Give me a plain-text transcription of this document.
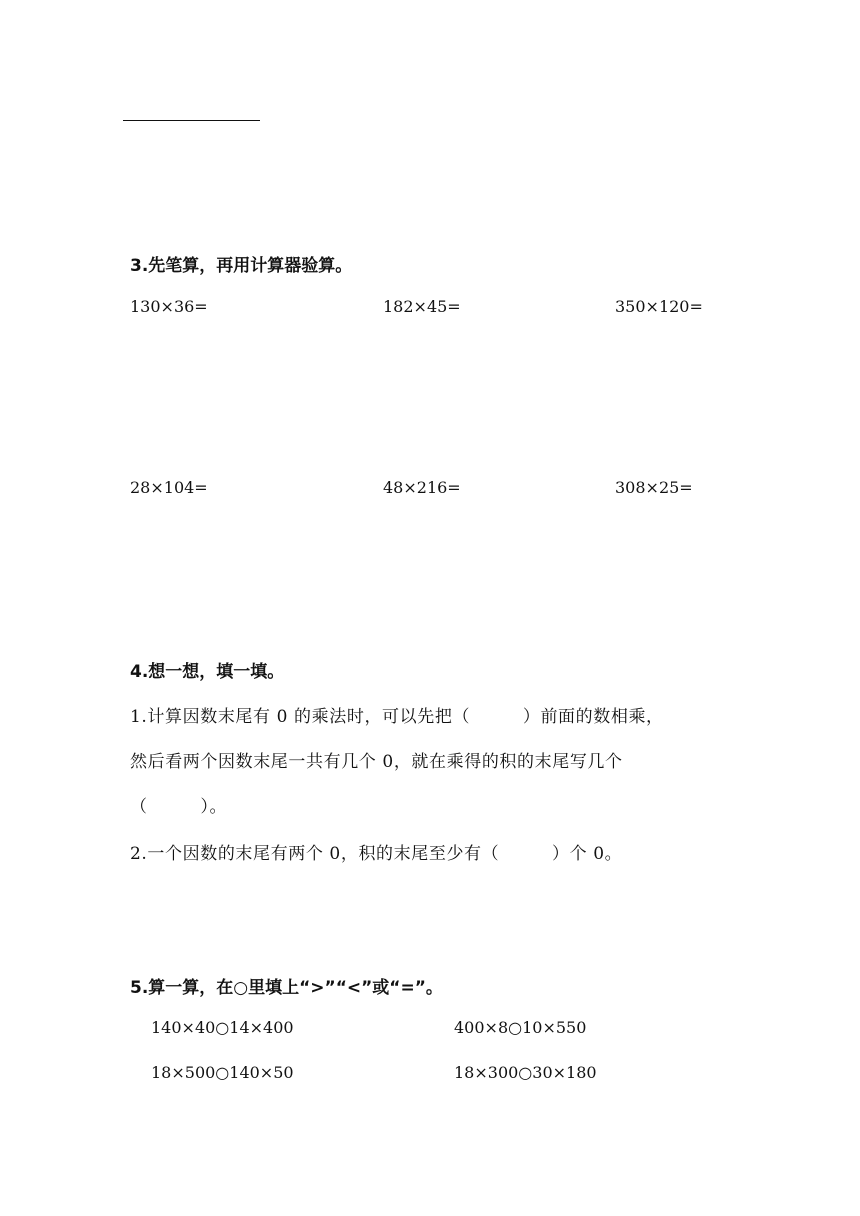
3.先笔算，再用计算器验算。
130×36=	182×45=	350×120=
28×104=	48×216=	308×25=
4.想一想，填一填。
1.计算因数末尾有 0 的乘法时，可以先把（　　　）前面的数相乘，
然后看两个因数末尾一共有几个 0，就在乘得的积的末尾写几个
（　　　）。
2.一个因数的末尾有两个 0，积的末尾至少有（　　　）个 0。
5.算一算，在○里填上“>”“<”或“=”。
140×40○14×400	400×8○10×550
18×500○140×50	18×300○30×180
